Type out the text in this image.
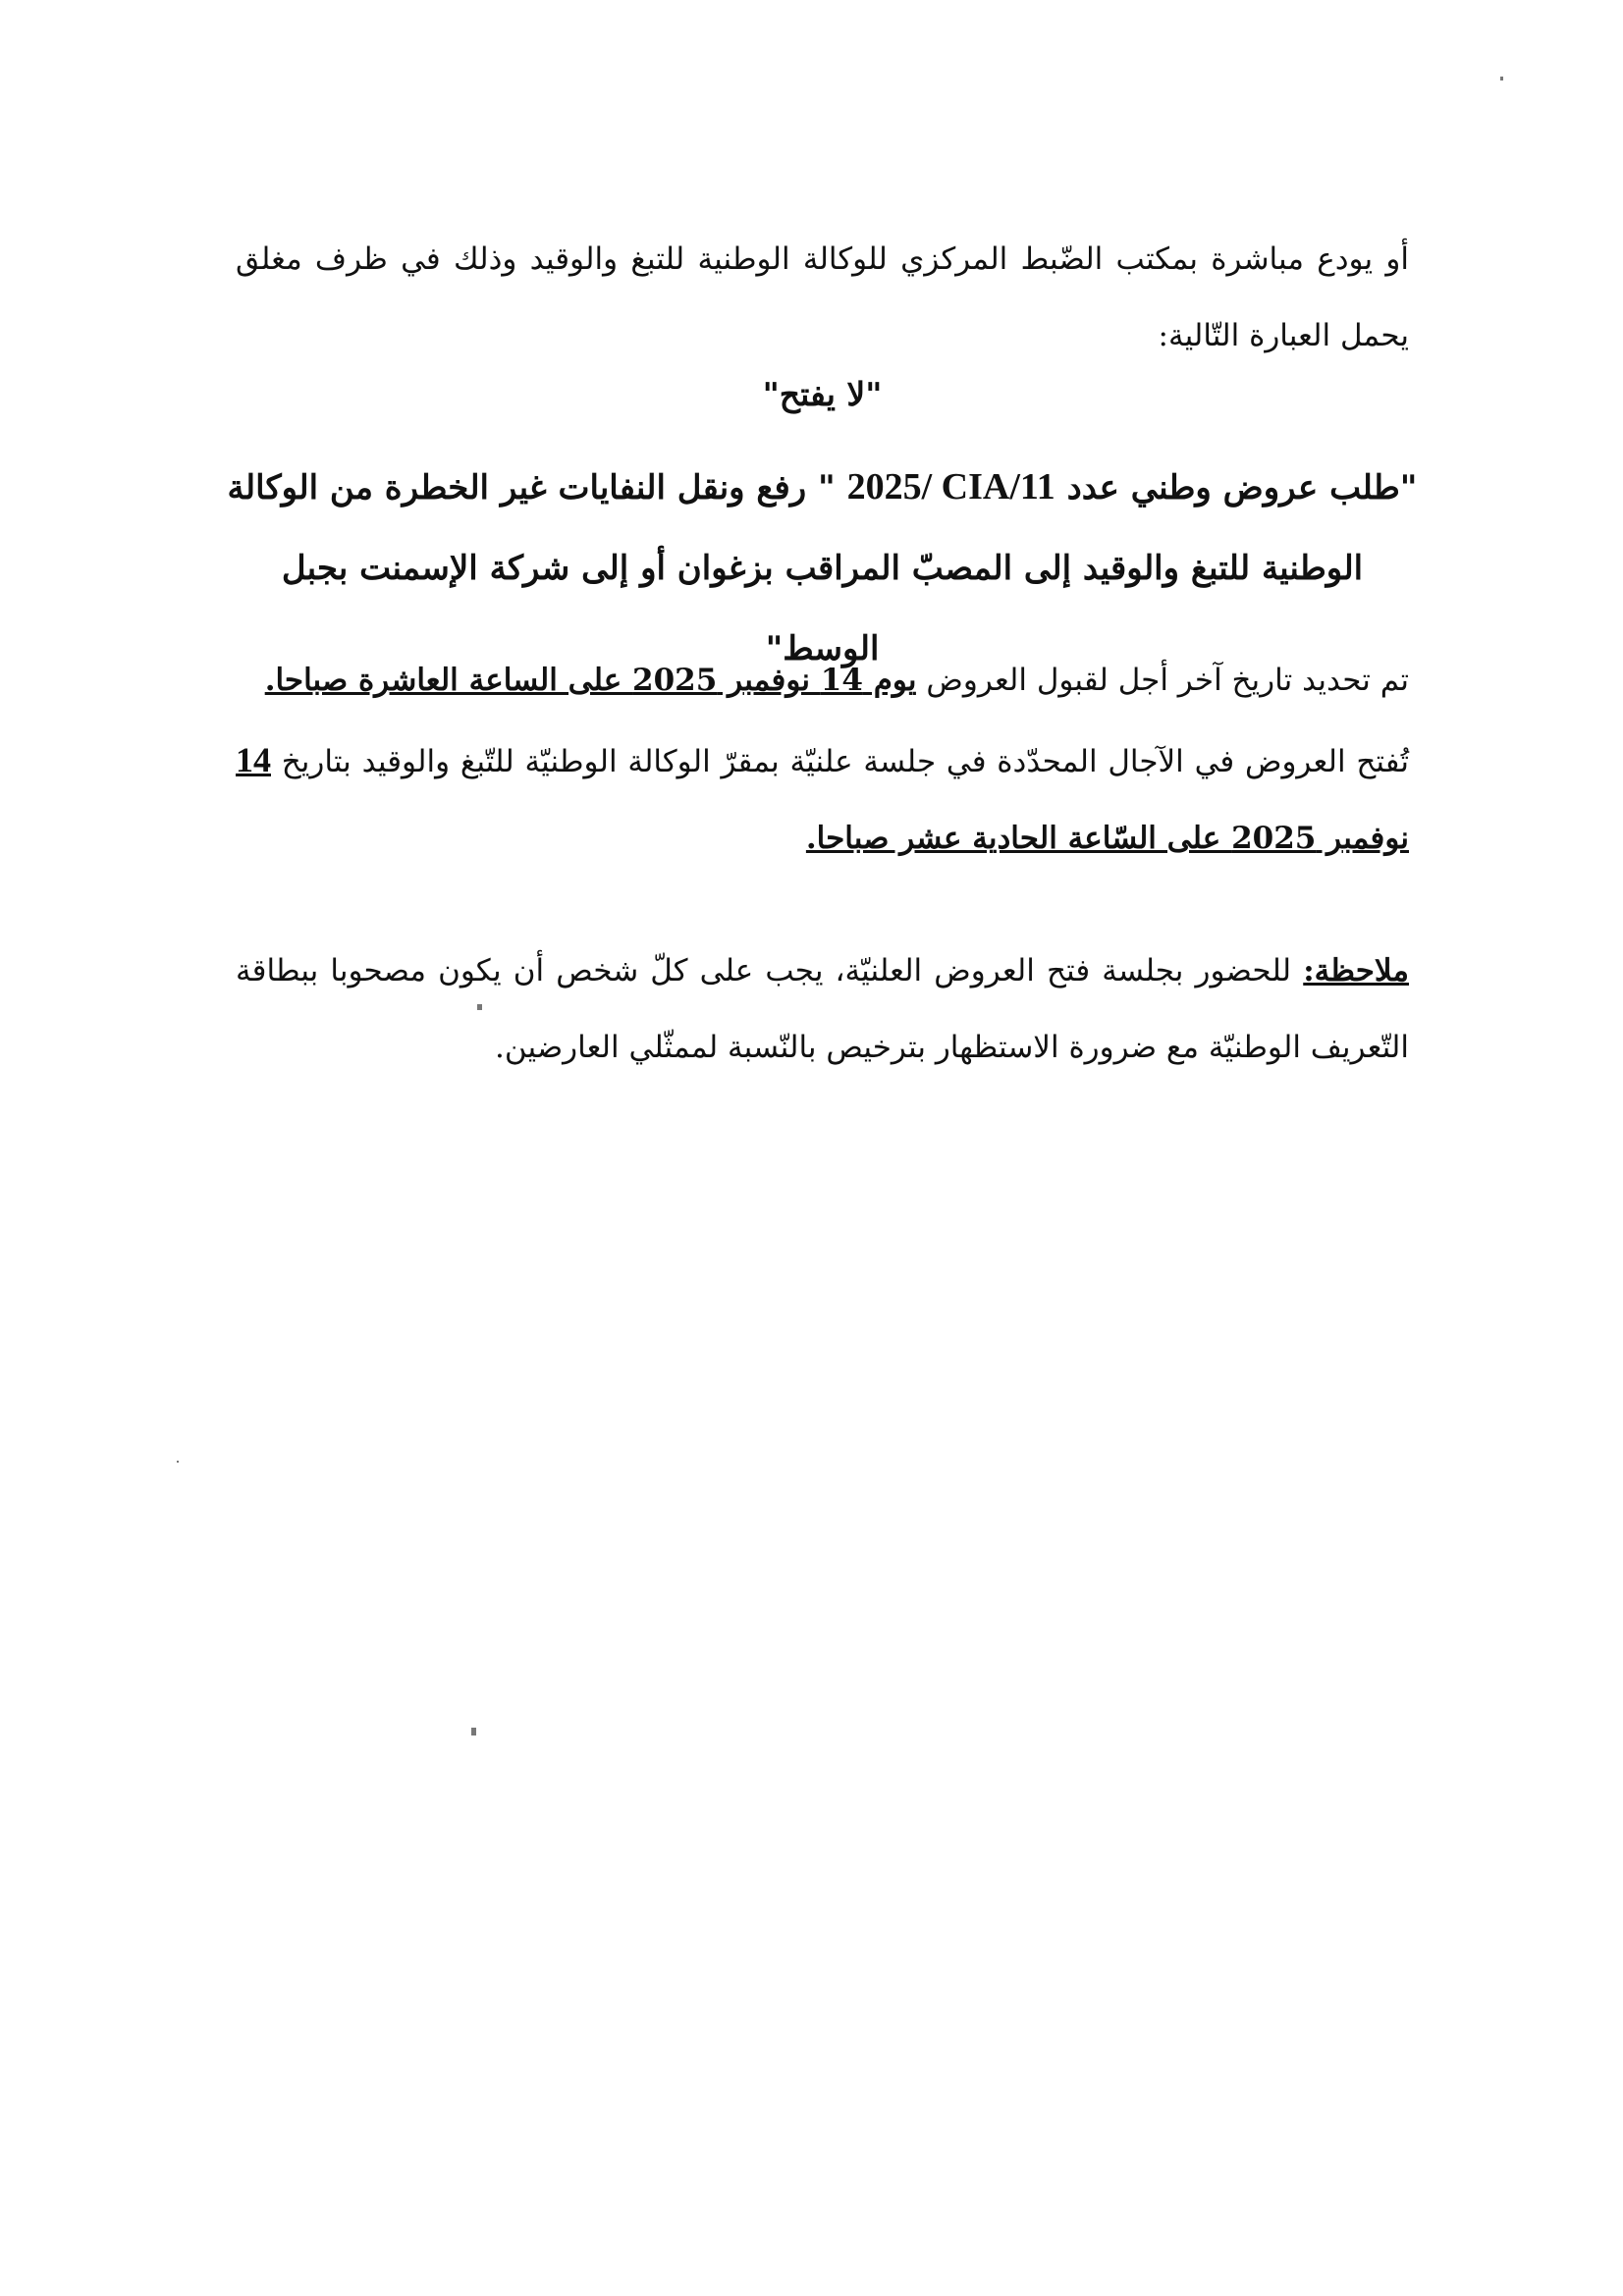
أو يودع مباشرة بمكتب الضّبط المركزي للوكالة الوطنية للتبغ والوقيد وذلك في ظرف مغلق يحمل العبارة التّالية:

"لا يفتح"

"طلب عروض وطني عدد 2025/ CIA/11 " رفع ونقل النفايات غير الخطرة من الوكالة الوطنية للتبغ والوقيد إلى المصبّ المراقب بزغوان أو إلى شركة الإسمنت بجبل الوسط"

تم تحديد تاريخ آخر أجل لقبول العروض يوم 14 نوفمبر 2025 على الساعة العاشرة صباحا.

تُفتح العروض في الآجال المحدّدة في جلسة علنيّة بمقرّ الوكالة الوطنيّة للتّبغ والوقيد بتاريخ 14 نوفمبر 2025 على السّاعة الحادية عشر صباحا.

ملاحظة: للحضور بجلسة فتح العروض العلنيّة، يجب على كلّ شخص أن يكون مصحوبا ببطاقة التّعريف الوطنيّة مع ضرورة الاستظهار بترخيص بالنّسبة لممثّلي العارضين.
